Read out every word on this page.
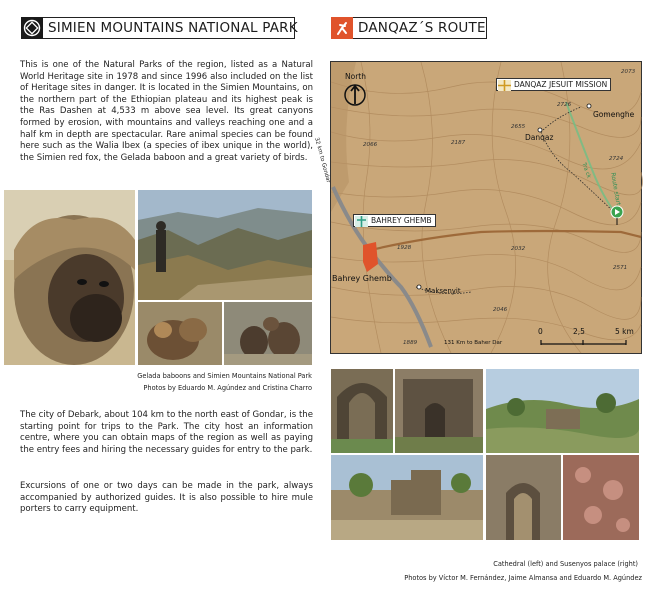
SIMIEN MOUNTAINS NATIONAL PARK	DANQAZ´S ROUTE
This is one of the Natural Parks of the region, listed as a Natural World Heritage site in 1978 and since 1996 also included on the list of Heritage sites in danger. It is located in the Simien Mountains, on the northern part of the Ethiopian plateau and its highest peak is the Ras Dashen at 4,533 m above sea level. Its great canyons formed by erosion, with mountains and valleys reaching one and a half km in depth are spectacular. Rare animal species can be found here such as the Walia Ibex (a species of ibex unique in the world), the Simien red fox, the Gelada baboon and a great variety of birds.
Gelada baboons and Simien Mountains National Park
Photos by Eduardo M. Agúndez and Cristina Charro
The city of Debark, about 104 km to the north east of Gondar, is the starting point for trips to the Park. The city host an information centre, where you can obtain maps of the region as well as paying the entry fees and hiring the necessary guides for entry to the park.
Excursions of one or two days can be made in the park, always accompanied by authorized guides. It is also possible to hire mule porters to carry equipment.
North
DANQAZ JESUIT MISSION
BAHREY GHEMB
Gomenghe
Danqaz
Bahrey Ghemb
Maksenyit
32 km to Gondar
131 Km to Baher Dar
Route start
Tra ck
2073
2726
2655
2187
2066
2724
2571
2032
1928
2046
1889
0	2,5	5 km
Cathedral (left) and Susenyos palace (right)
Photos by Víctor M. Fernández, Jaime Almansa and Eduardo M. Agúndez
